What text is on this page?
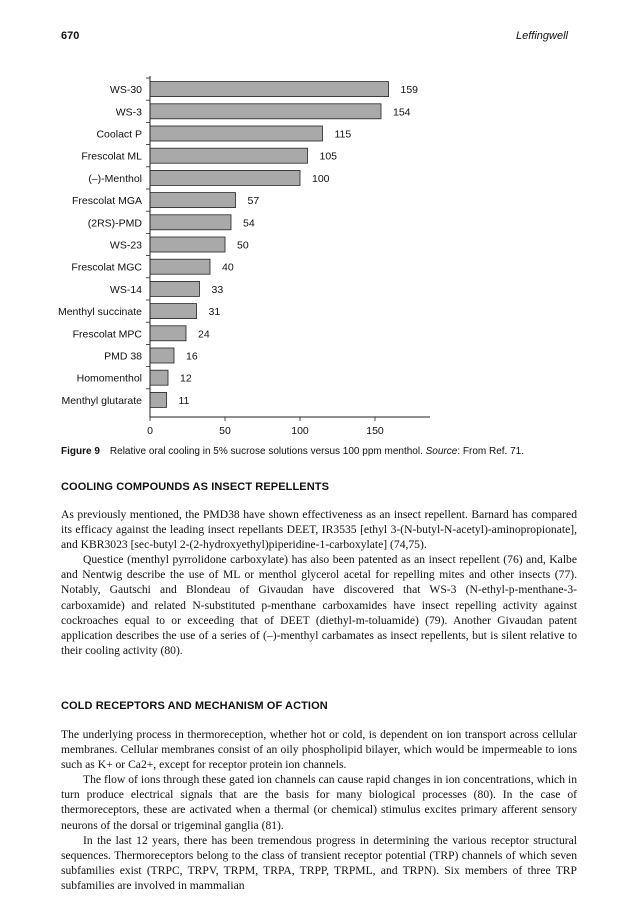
670	Leffingwell
WS-30	159
WS-3	154
Coolact P	115
Frescolat ML	105
(–)-Menthol	100
Frescolat MGA	57
(2RS)-PMD	54
WS-23	50
Frescolat MGC	40
WS-14	33
Menthyl succinate	31
Frescolat MPC	24
PMD 38	16
Homomenthol	12
Menthyl glutarate	11
0	50	100	150
Figure 9 Relative oral cooling in 5% sucrose solutions versus 100 ppm menthol. Source: From Ref. 71.
COOLING COMPOUNDS AS INSECT REPELLENTS

As previously mentioned, the PMD38 have shown effectiveness as an insect repellent. Barnard has compared its efficacy against the leading insect repellants DEET, IR3535 [ethyl 3-(N-butyl-N-acetyl)-aminopropionate], and KBR3023 [sec-butyl 2-(2-hydroxyethyl)piperidine-1-carboxylate] (74,75).

Questice (menthyl pyrrolidone carboxylate) has also been patented as an insect repellent (76) and, Kalbe and Nentwig describe the use of ML or menthol glycerol acetal for repelling mites and other insects (77). Notably, Gautschi and Blondeau of Givaudan have discovered that WS-3 (N-ethyl-p-menthane-3-carboxamide) and related N-substituted p-menthane carboxamides have insect repelling activity against cockroaches equal to or exceeding that of DEET (diethyl-m-toluamide) (79). Another Givaudan patent application describes the use of a series of (–)-menthyl carbamates as insect repellents, but is silent relative to their cooling activity (80).

COLD RECEPTORS AND MECHANISM OF ACTION

The underlying process in thermoreception, whether hot or cold, is dependent on ion transport across cellular membranes. Cellular membranes consist of an oily phospholipid bilayer, which would be impermeable to ions such as K+ or Ca2+, except for receptor protein ion channels.

The flow of ions through these gated ion channels can cause rapid changes in ion concentrations, which in turn produce electrical signals that are the basis for many biological processes (80). In the case of thermoreceptors, these are activated when a thermal (or chemical) stimulus excites primary afferent sensory neurons of the dorsal or trigeminal ganglia (81).

In the last 12 years, there has been tremendous progress in determining the various receptor structural sequences. Thermoreceptors belong to the class of transient receptor potential (TRP) channels of which seven subfamilies exist (TRPC, TRPV, TRPM, TRPA, TRPP, TRPML, and TRPN). Six members of three TRP subfamilies are involved in mammalian
